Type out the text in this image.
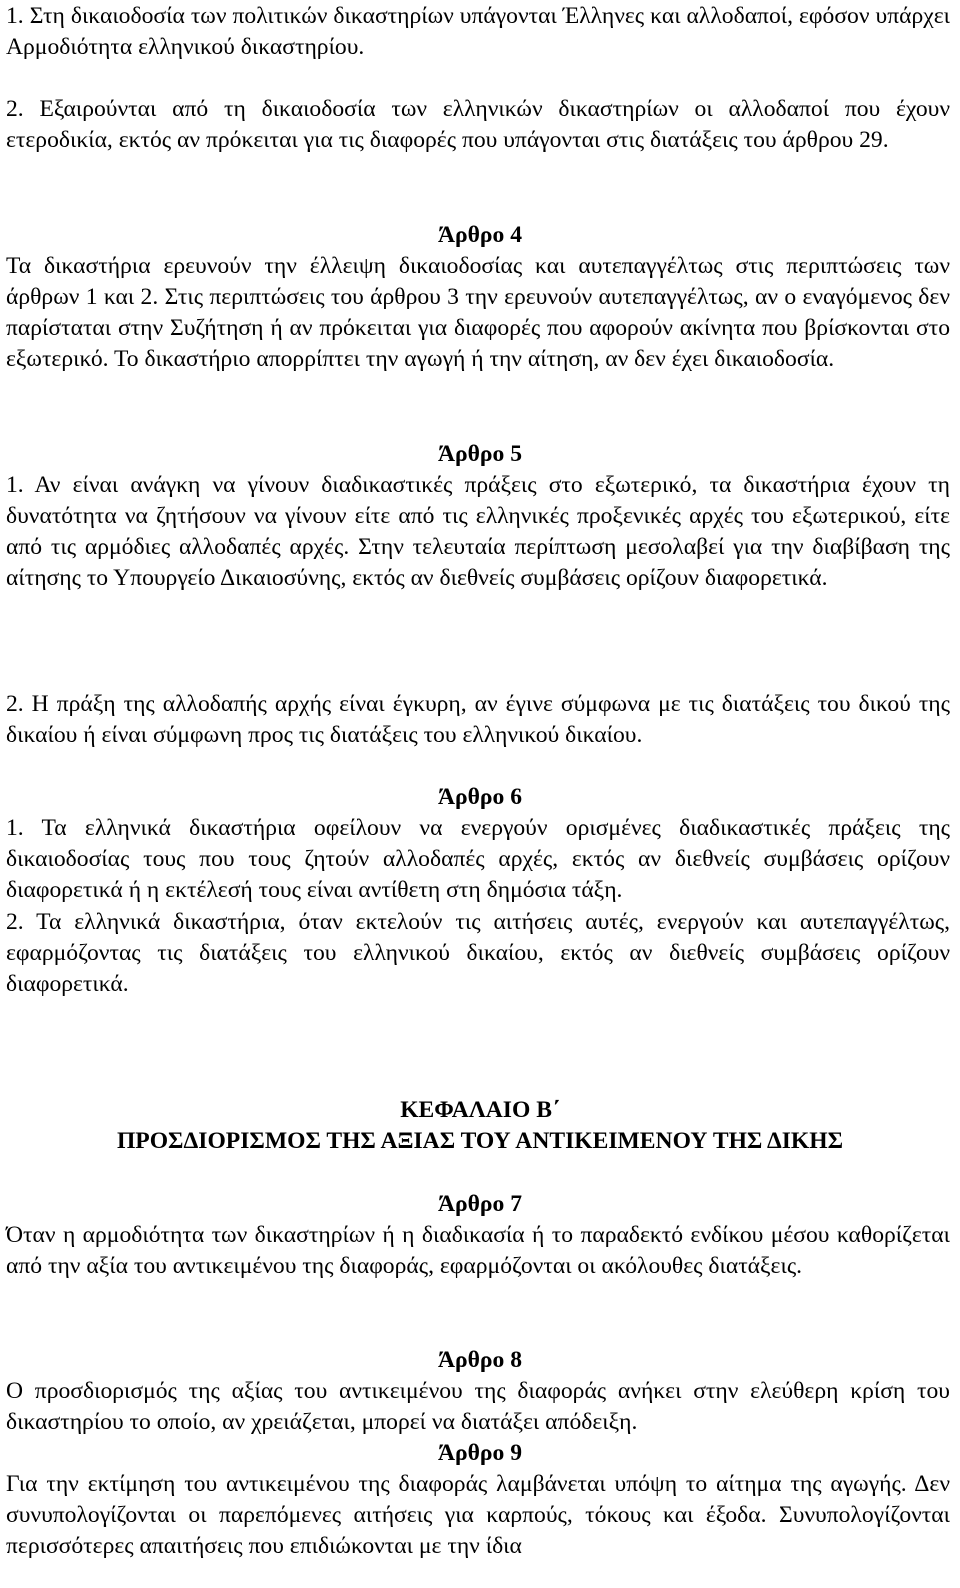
1. Στη δικαιοδοσία των πολιτικών δικαστηρίων υπάγονται Έλληνες και αλλοδαποί, εφόσον υπάρχει Αρμοδιότητα ελληνικού δικαστηρίου.

2. Εξαιρούνται από τη δικαιοδοσία των ελληνικών δικαστηρίων οι αλλοδαποί που έχουν ετεροδικία, εκτός αν πρόκειται για τις διαφορές που υπάγονται στις διατάξεις του άρθρου 29.

Άρθρο 4

Τα δικαστήρια ερευνούν την έλλειψη δικαιοδοσίας και αυτεπαγγέλτως στις περιπτώσεις των άρθρων 1 και 2. Στις περιπτώσεις του άρθρου 3 την ερευνούν αυτεπαγγέλτως, αν ο εναγόμενος δεν παρίσταται στην Συζήτηση ή αν πρόκειται για διαφορές που αφορούν ακίνητα που βρίσκονται στο εξωτερικό. Το δικαστήριο απορρίπτει την αγωγή ή την αίτηση, αν δεν έχει δικαιοδοσία.

Άρθρο 5

1. Αν είναι ανάγκη να γίνουν διαδικαστικές πράξεις στο εξωτερικό, τα δικαστήρια έχουν τη δυνατότητα να ζητήσουν να γίνουν είτε από τις ελληνικές προξενικές αρχές του εξωτερικού, είτε από τις αρμόδιες αλλοδαπές αρχές. Στην τελευταία περίπτωση μεσολαβεί για την διαβίβαση της αίτησης το Υπουργείο Δικαιοσύνης, εκτός αν διεθνείς συμβάσεις ορίζουν διαφορετικά.

2. Η πράξη της αλλοδαπής αρχής είναι έγκυρη, αν έγινε σύμφωνα με τις διατάξεις του δικού της δικαίου ή είναι σύμφωνη προς τις διατάξεις του ελληνικού δικαίου.

Άρθρο 6

1. Τα ελληνικά δικαστήρια οφείλουν να ενεργούν ορισμένες διαδικαστικές πράξεις της δικαιοδοσίας τους που τους ζητούν αλλοδαπές αρχές, εκτός αν διεθνείς συμβάσεις ορίζουν διαφορετικά ή η εκτέλεσή τους είναι αντίθετη στη δημόσια τάξη.

2. Τα ελληνικά δικαστήρια, όταν εκτελούν τις αιτήσεις αυτές, ενεργούν και αυτεπαγγέλτως, εφαρμόζοντας τις διατάξεις του ελληνικού δικαίου, εκτός αν διεθνείς συμβάσεις ορίζουν διαφορετικά.

ΚΕΦΑΛΑΙΟ Β΄

ΠΡΟΣΔΙΟΡΙΣΜΟΣ ΤΗΣ ΑΞΙΑΣ ΤΟΥ ΑΝΤΙΚΕΙΜΕΝΟΥ ΤΗΣ ΔΙΚΗΣ

Άρθρο 7

Όταν η αρμοδιότητα των δικαστηρίων ή η διαδικασία ή το παραδεκτό ενδίκου μέσου καθορίζεται από την αξία του αντικειμένου της διαφοράς, εφαρμόζονται οι ακόλουθες διατάξεις.

Άρθρο 8

Ο προσδιορισμός της αξίας του αντικειμένου της διαφοράς ανήκει στην ελεύθερη κρίση του δικαστηρίου το οποίο, αν χρειάζεται, μπορεί να διατάξει απόδειξη.

Άρθρο 9

Για την εκτίμηση του αντικειμένου της διαφοράς λαμβάνεται υπόψη το αίτημα της αγωγής. Δεν συνυπολογίζονται οι παρεπόμενες αιτήσεις για καρπούς, τόκους και έξοδα. Συνυπολογίζονται περισσότερες απαιτήσεις που επιδιώκονται με την ίδια
